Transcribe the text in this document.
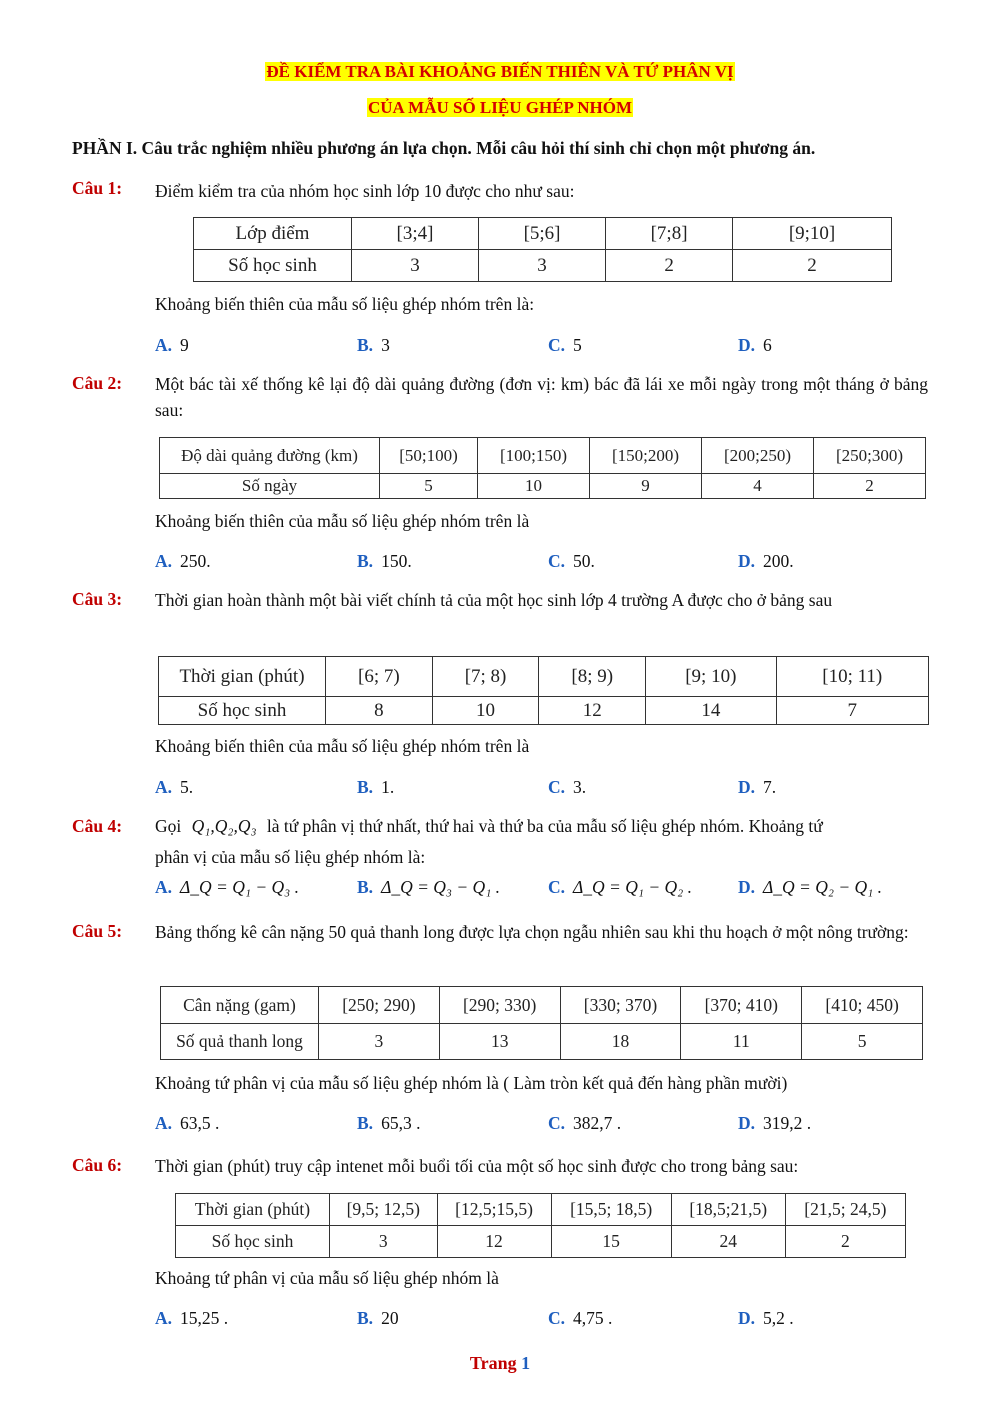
ĐỀ KIỂM TRA BÀI KHOẢNG BIẾN THIÊN VÀ TỨ PHÂN VỊ
CỦA MẪU SỐ LIỆU GHÉP NHÓM
PHẦN I. Câu trắc nghiệm nhiều phương án lựa chọn. Mỗi câu hỏi thí sinh chỉ chọn một phương án.
Câu 1: Điểm kiểm tra của nhóm học sinh lớp 10 được cho như sau:
Lớp điểm	[3;4]	[5;6]	[7;8]	[9;10]
Số học sinh	3	3	2	2
Khoảng biến thiên của mẫu số liệu ghép nhóm trên là:
A. 9	B. 3	C. 5	D. 6
Câu 2: Một bác tài xế thống kê lại độ dài quảng đường (đơn vị: km) bác đã lái xe mỗi ngày trong một tháng ở bảng sau:
Độ dài quảng đường (km)	[50;100)	[100;150)	[150;200)	[200;250)	[250;300)
Số ngày	5	10	9	4	2
Khoảng biến thiên của mẫu số liệu ghép nhóm trên là
A. 250.	B. 150.	C. 50.	D. 200.
Câu 3: Thời gian hoàn thành một bài viết chính tả của một học sinh lớp 4 trường A được cho ở bảng sau
Thời gian (phút)	[6; 7)	[7; 8)	[8; 9)	[9; 10)	[10; 11)
Số học sinh	8	10	12	14	7
Khoảng biến thiên của mẫu số liệu ghép nhóm trên là
A. 5.	B. 1.	C. 3.	D. 7.
Câu 4: Gọi Q₁,Q₂,Q₃ là tứ phân vị thứ nhất, thứ hai và thứ ba của mẫu số liệu ghép nhóm. Khoảng tứ
phân vị của mẫu số liệu ghép nhóm là:
A. Δ_Q = Q₁ − Q₃ .	B. Δ_Q = Q₃ − Q₁ .	C. Δ_Q = Q₁ − Q₂ .	D. Δ_Q = Q₂ − Q₁ .
Câu 5: Bảng thống kê cân nặng 50 quả thanh long được lựa chọn ngẫu nhiên sau khi thu hoạch ở một nông trường:
Cân nặng (gam)	[250; 290)	[290; 330)	[330; 370)	[370; 410)	[410; 450)
Số quả thanh long	3	13	18	11	5
Khoảng tứ phân vị của mẫu số liệu ghép nhóm là ( Làm tròn kết quả đến hàng phần mười)
A. 63,5 .	B. 65,3 .	C. 382,7 .	D. 319,2 .
Câu 6: Thời gian (phút) truy cập intenet mỗi buổi tối của một số học sinh được cho trong bảng sau:
Thời gian (phút)	[9,5; 12,5)	[12,5;15,5)	[15,5; 18,5)	[18,5;21,5)	[21,5; 24,5)
Số học sinh	3	12	15	24	2
Khoảng tứ phân vị của mẫu số liệu ghép nhóm là
A. 15,25 .	B. 20	C. 4,75 .	D. 5,2 .
Trang 1
